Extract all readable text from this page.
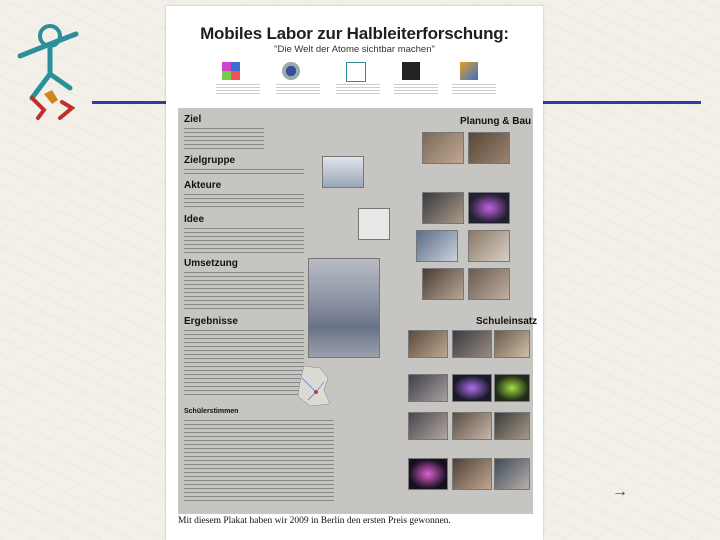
Mobiles Labor zur Halbleiterforschung:
"Die Welt der Atome sichtbar machen"
Ziel
Zielgruppe
Akteure
Idee
Umsetzung
Ergebnisse
Schülerstimmen
Planung & Bau
Schuleinsatz
Mit diesem Plakat haben wir 2009 in Berlin den ersten Preis gewonnen.
→
